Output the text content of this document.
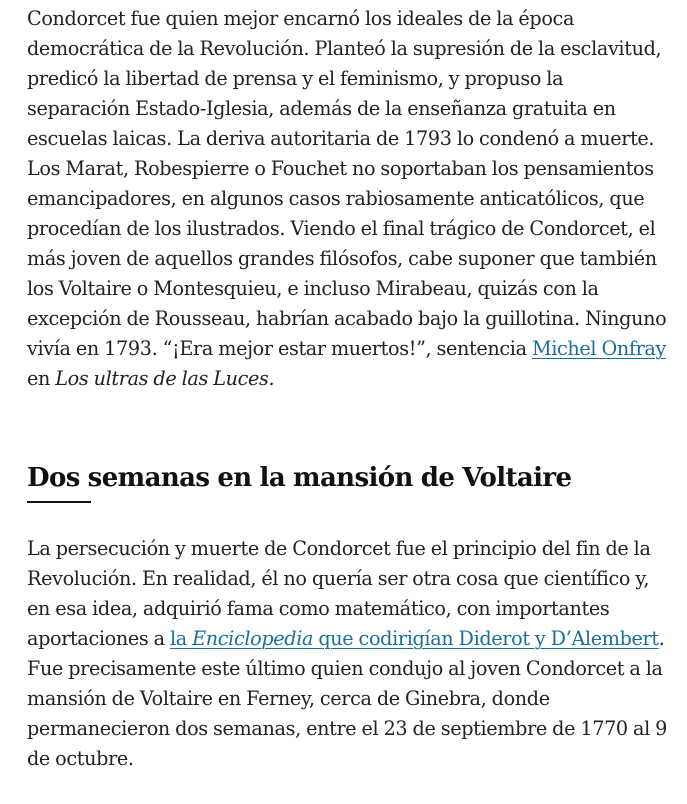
Condorcet fue quien mejor encarnó los ideales de la época democrática de la Revolución. Planteó la supresión de la esclavitud, predicó la libertad de prensa y el feminismo, y propuso la separación Estado-Iglesia, además de la enseñanza gratuita en escuelas laicas. La deriva autoritaria de 1793 lo condenó a muerte. Los Marat, Robespierre o Fouchet no soportaban los pensamientos emancipadores, en algunos casos rabiosamente anticatólicos, que procedían de los ilustrados. Viendo el final trágico de Condorcet, el más joven de aquellos grandes filósofos, cabe suponer que también los Voltaire o Montesquieu, e incluso Mirabeau, quizás con la excepción de Rousseau, habrían acabado bajo la guillotina. Ninguno vivía en 1793. “¡Era mejor estar muertos!”, sentencia Michel Onfray en Los ultras de las Luces.

Dos semanas en la mansión de Voltaire

La persecución y muerte de Condorcet fue el principio del fin de la Revolución. En realidad, él no quería ser otra cosa que científico y, en esa idea, adquirió fama como matemático, con importantes aportaciones a la Enciclopedia que codirigían Diderot y D’Alembert. Fue precisamente este último quien condujo al joven Condorcet a la mansión de Voltaire en Ferney, cerca de Ginebra, donde permanecieron dos semanas, entre el 23 de septiembre de 1770 al 9 de octubre.
